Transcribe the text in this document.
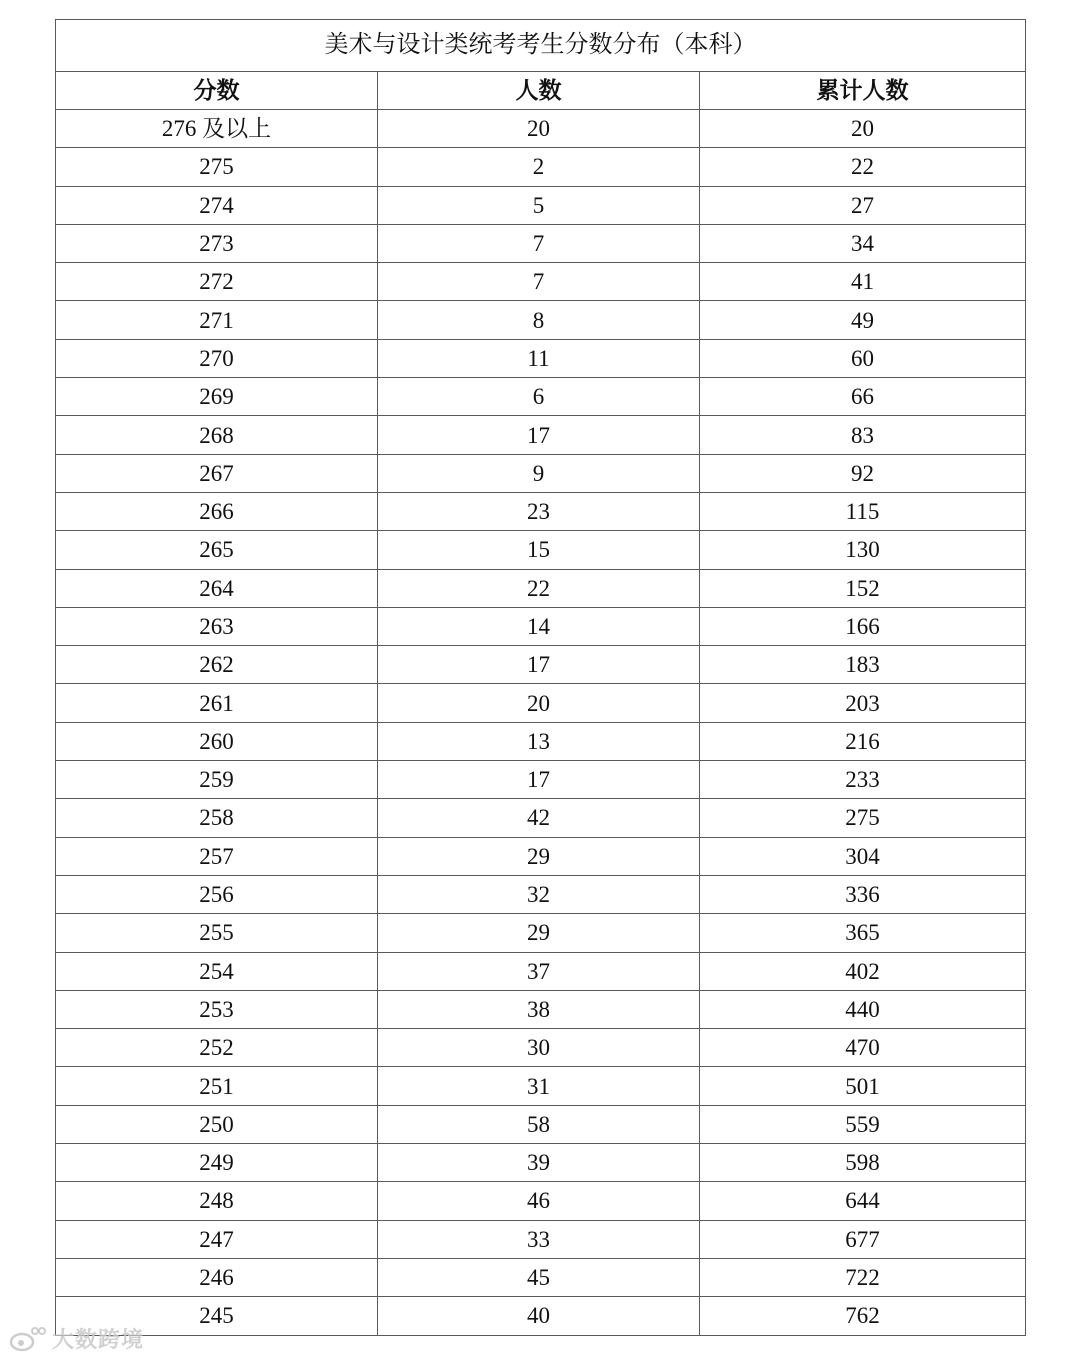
美术与设计类统考考生分数分布（本科）		
分数	人数	累计人数
276 及以上	20	20
275	2	22
274	5	27
273	7	34
272	7	41
271	8	49
270	11	60
269	6	66
268	17	83
267	9	92
266	23	115
265	15	130
264	22	152
263	14	166
262	17	183
261	20	203
260	13	216
259	17	233
258	42	275
257	29	304
256	32	336
255	29	365
254	37	402
253	38	440
252	30	470
251	31	501
250	58	559
249	39	598
248	46	644
247	33	677
246	45	722
245	40	762
大数跨境
